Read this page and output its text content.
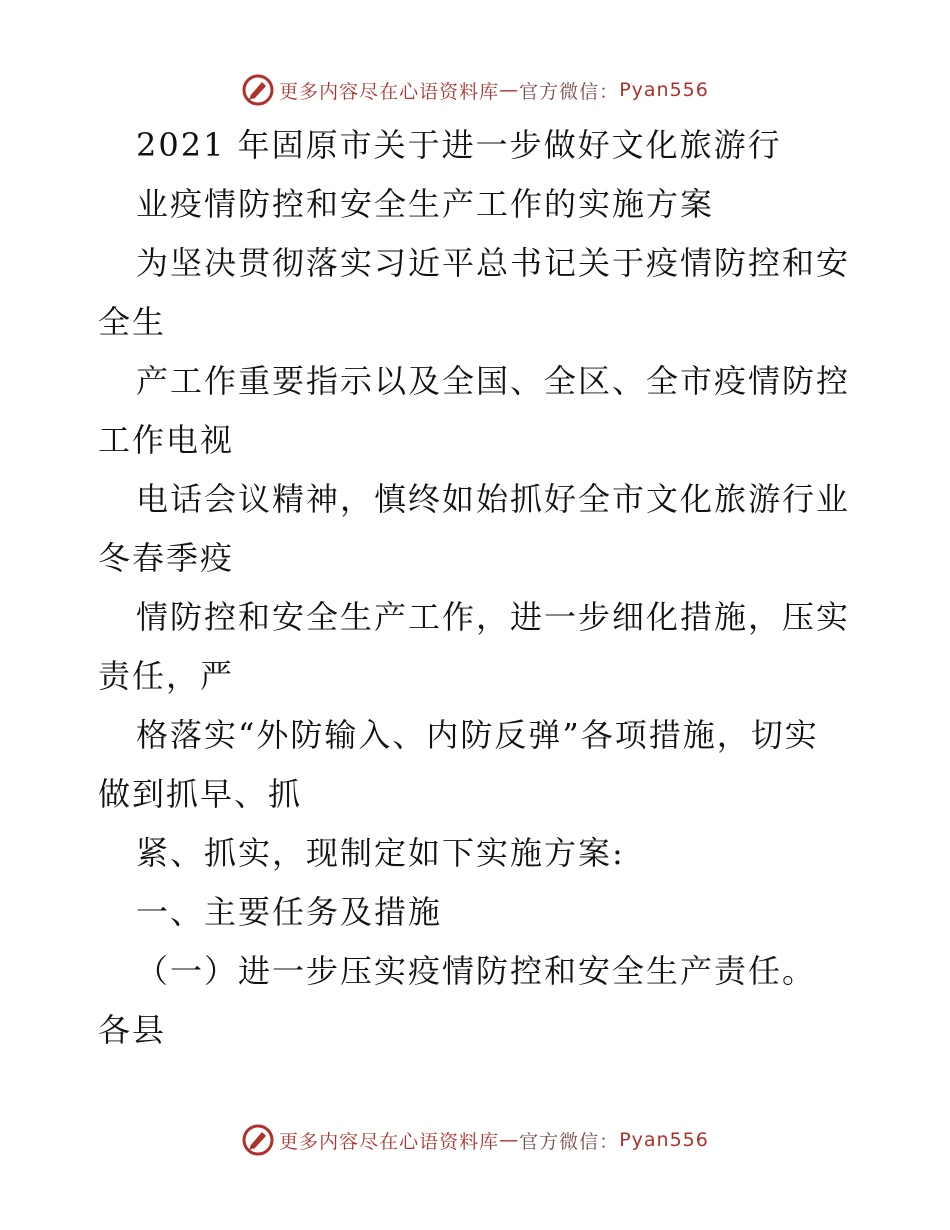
更多内容尽在心语资料库 — 官方微信： Pyan556

2021 年固原市关于进一步做好文化旅游行

业疫情防控和安全生产工作的实施方案

为坚决贯彻落实习近平总书记关于疫情防控和安

全生

产工作重要指示以及全国、全区、全市疫情防控

工作电视

电话会议精神，慎终如始抓好全市文化旅游行业

冬春季疫

情防控和安全生产工作，进一步细化措施，压实

责任，严

格落实“外防输入、内防反弹”各项措施，切实

做到抓早、抓

紧、抓实，现制定如下实施方案:

一、主要任务及措施

（一）进一步压实疫情防控和安全生产责任。

各县

更多内容尽在心语资料库 — 官方微信： Pyan556
